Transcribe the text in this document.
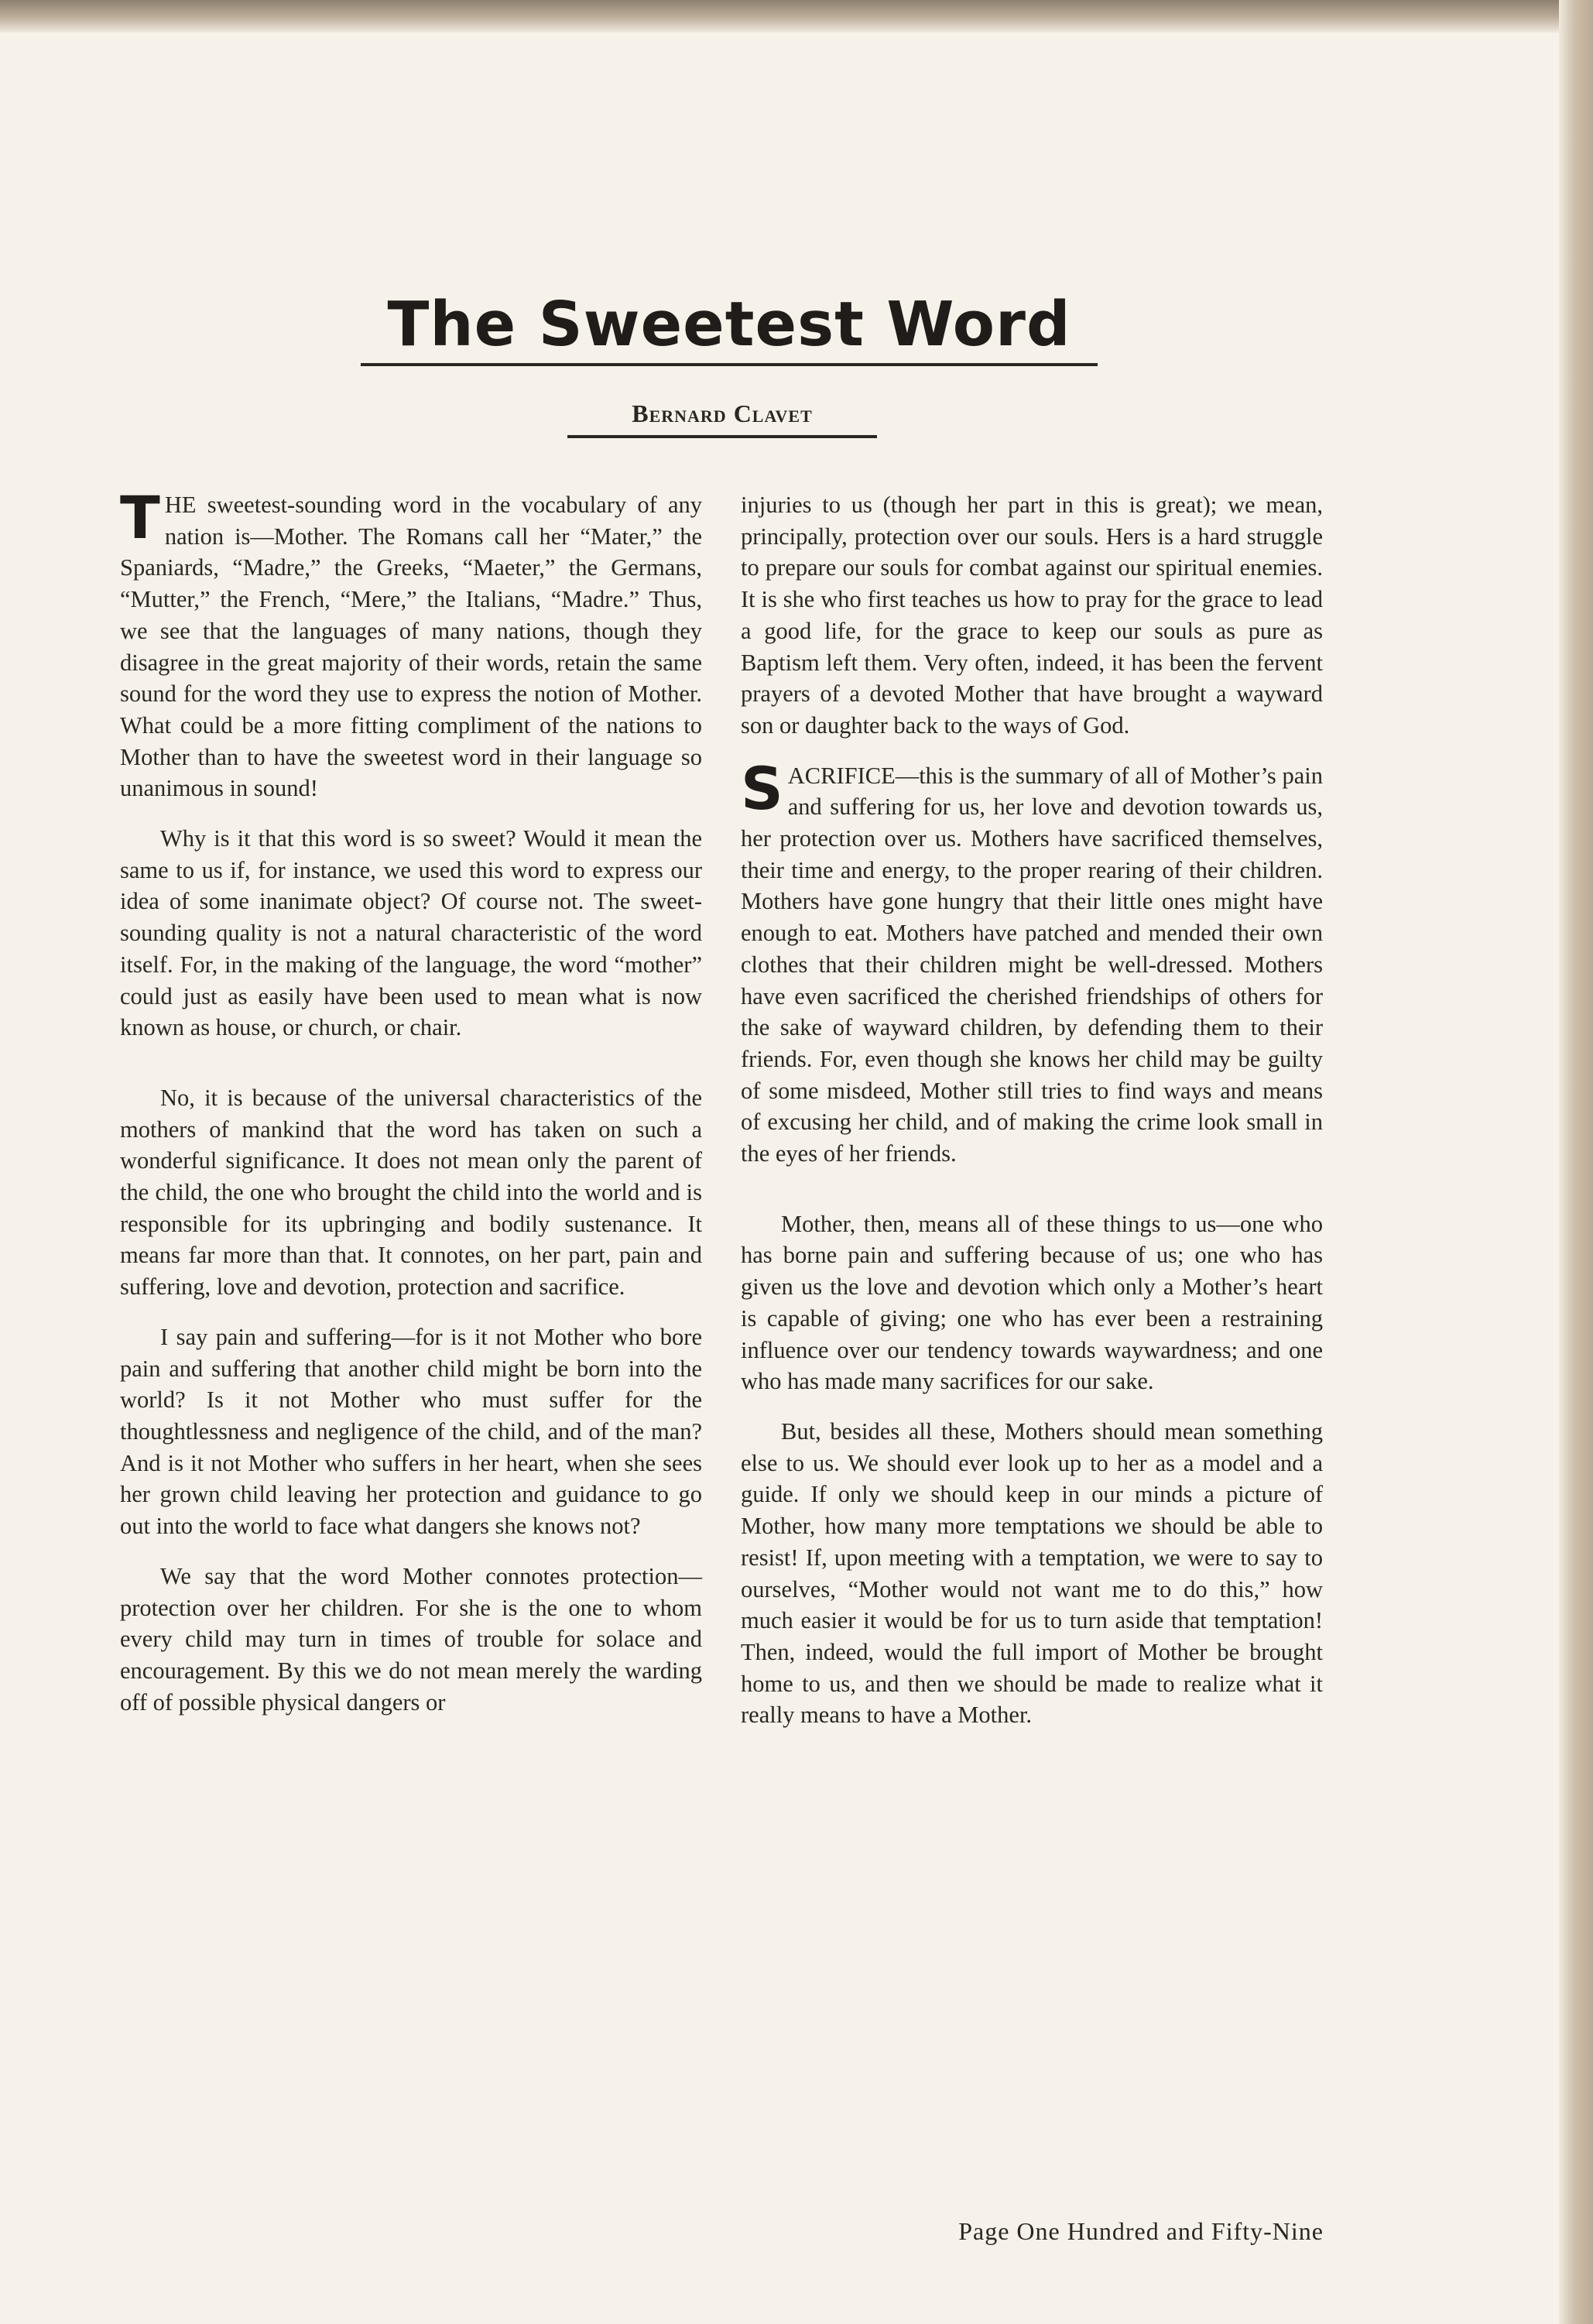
The Sweetest Word
Bernard Clavet

THE sweetest-sounding word in the vocabulary of any nation is—Mother. The Romans call her “Mater,” the Spaniards, “Madre,” the Greeks, “Maeter,” the Germans, “Mutter,” the French, “Mere,” the Italians, “Madre.” Thus, we see that the languages of many nations, though they disagree in the great majority of their words, retain the same sound for the word they use to express the notion of Mother. What could be a more fitting compliment of the nations to Mother than to have the sweetest word in their language so unanimous in sound!

Why is it that this word is so sweet? Would it mean the same to us if, for instance, we used this word to express our idea of some inanimate object? Of course not. The sweet-sounding quality is not a natural characteristic of the word itself. For, in the making of the language, the word “mother” could just as easily have been used to mean what is now known as house, or church, or chair.

No, it is because of the universal characteristics of the mothers of mankind that the word has taken on such a wonderful significance. It does not mean only the parent of the child, the one who brought the child into the world and is responsible for its upbringing and bodily sustenance. It means far more than that. It connotes, on her part, pain and suffering, love and devotion, protection and sacrifice.

I say pain and suffering—for is it not Mother who bore pain and suffering that another child might be born into the world? Is it not Mother who must suffer for the thoughtlessness and negligence of the child, and of the man? And is it not Mother who suffers in her heart, when she sees her grown child leaving her protection and guidance to go out into the world to face what dangers she knows not?

We say that the word Mother connotes protection—protection over her children. For she is the one to whom every child may turn in times of trouble for solace and encouragement. By this we do not mean merely the warding off of possible physical dangers or

injuries to us (though her part in this is great); we mean, principally, protection over our souls. Hers is a hard struggle to prepare our souls for combat against our spiritual enemies. It is she who first teaches us how to pray for the grace to lead a good life, for the grace to keep our souls as pure as Baptism left them. Very often, indeed, it has been the fervent prayers of a devoted Mother that have brought a wayward son or daughter back to the ways of God.

SACRIFICE—this is the summary of all of Mother’s pain and suffering for us, her love and devotion towards us, her protection over us. Mothers have sacrificed themselves, their time and energy, to the proper rearing of their children. Mothers have gone hungry that their little ones might have enough to eat. Mothers have patched and mended their own clothes that their children might be well-dressed. Mothers have even sacrificed the cherished friendships of others for the sake of wayward children, by defending them to their friends. For, even though she knows her child may be guilty of some misdeed, Mother still tries to find ways and means of excusing her child, and of making the crime look small in the eyes of her friends.

Mother, then, means all of these things to us—one who has borne pain and suffering because of us; one who has given us the love and devotion which only a Mother’s heart is capable of giving; one who has ever been a restraining influence over our tendency towards waywardness; and one who has made many sacrifices for our sake.

But, besides all these, Mothers should mean something else to us. We should ever look up to her as a model and a guide. If only we should keep in our minds a picture of Mother, how many more temptations we should be able to resist! If, upon meeting with a temptation, we were to say to ourselves, “Mother would not want me to do this,” how much easier it would be for us to turn aside that temptation! Then, indeed, would the full import of Mother be brought home to us, and then we should be made to realize what it really means to have a Mother.

Page One Hundred and Fifty-Nine
